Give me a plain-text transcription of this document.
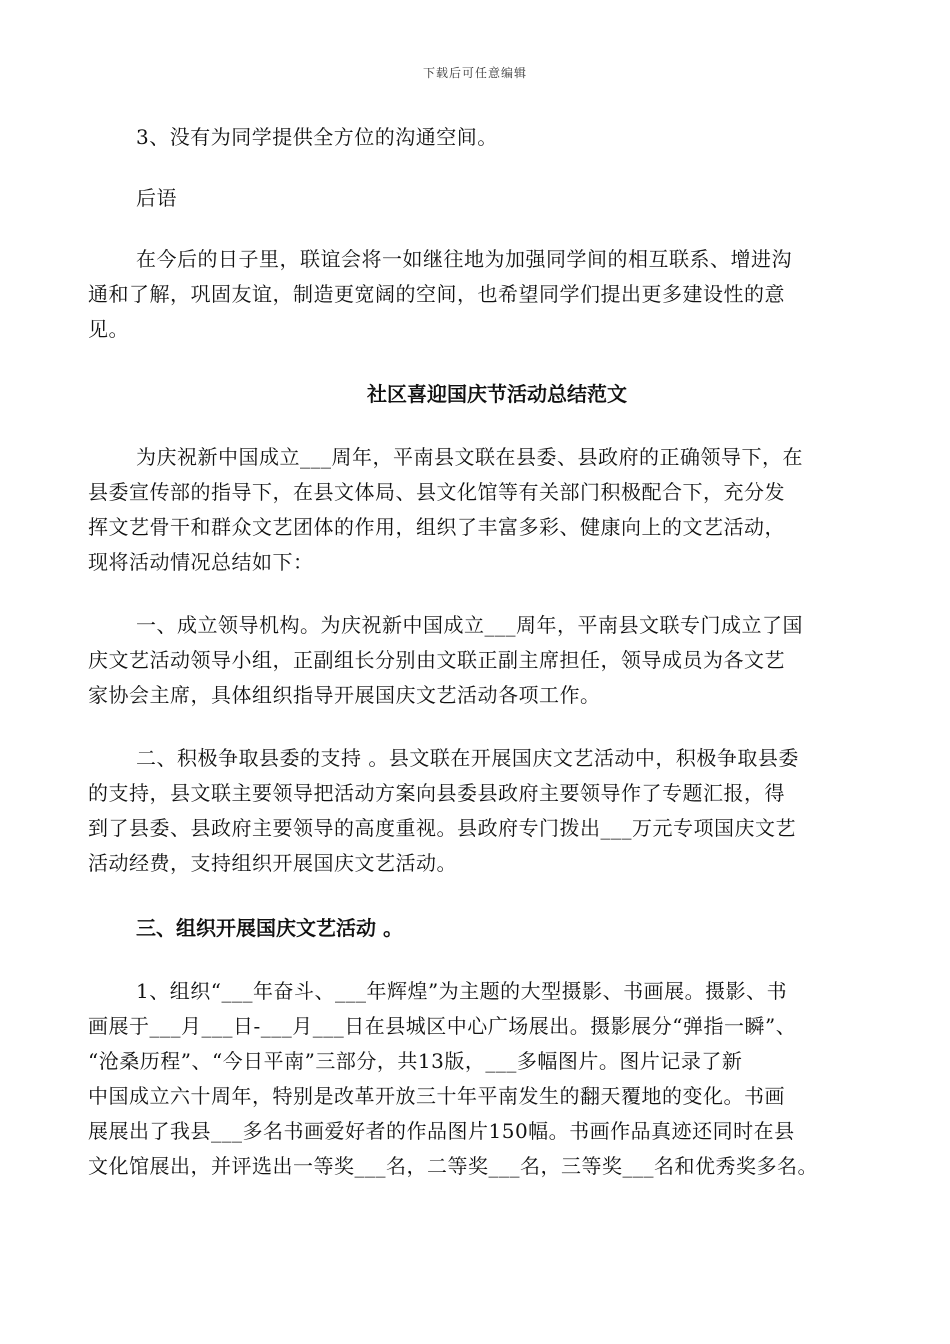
下载后可任意编辑
3、没有为同学提供全方位的沟通空间。
后语
在今后的日子里，联谊会将一如继往地为加强同学间的相互联系、增进沟
通和了解，巩固友谊，制造更宽阔的空间，也希望同学们提出更多建设性的意
见。
社区喜迎国庆节活动总结范文
为庆祝新中国成立___周年，平南县文联在县委、县政府的正确领导下，在
县委宣传部的指导下，在县文体局、县文化馆等有关部门积极配合下，充分发
挥文艺骨干和群众文艺团体的作用，组织了丰富多彩、健康向上的文艺活动，
现将活动情况总结如下：
一、成立领导机构。为庆祝新中国成立___周年，平南县文联专门成立了国
庆文艺活动领导小组，正副组长分别由文联正副主席担任，领导成员为各文艺
家协会主席，具体组织指导开展国庆文艺活动各项工作。
二、积极争取县委的支持 。县文联在开展国庆文艺活动中，积极争取县委
的支持，县文联主要领导把活动方案向县委县政府主要领导作了专题汇报，得
到了县委、县政府主要领导的高度重视。县政府专门拨出___万元专项国庆文艺
活动经费，支持组织开展国庆文艺活动。
三、组织开展国庆文艺活动 。
1、组织“___年奋斗、___年辉煌”为主题的大型摄影、书画展。摄影、书
画展于___月___日-___月___日在县城区中心广场展出。摄影展分“弹指一瞬”、
“沧桑历程”、“今日平南”三部分，共13版，___多幅图片。图片记录了新
中国成立六十周年，特别是改革开放三十年平南发生的翻天覆地的变化。书画
展展出了我县___多名书画爱好者的作品图片150幅。书画作品真迹还同时在县
文化馆展出，并评选出一等奖___名，二等奖___名，三等奖___名和优秀奖多名。
